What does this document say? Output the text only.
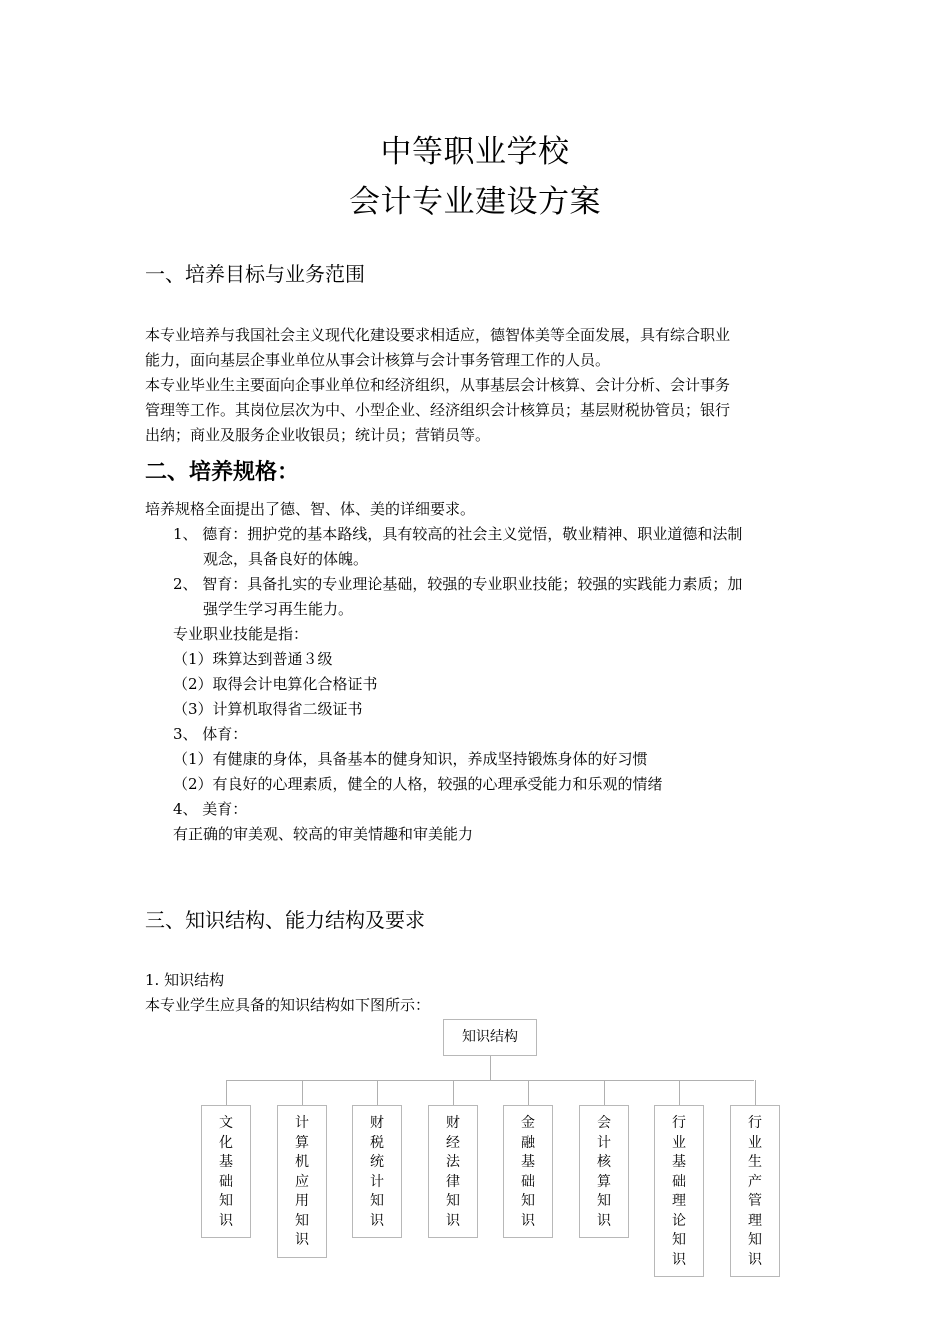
中等职业学校
会计专业建设方案
一、培养目标与业务范围
本专业培养与我国社会主义现代化建设要求相适应，德智体美等全面发展，具有综合职业
能力，面向基层企事业单位从事会计核算与会计事务管理工作的人员。
本专业毕业生主要面向企事业单位和经济组织，从事基层会计核算、会计分析、会计事务
管理等工作。其岗位层次为中、小型企业、经济组织会计核算员；基层财税协管员；银行
出纳；商业及服务企业收银员；统计员；营销员等。
二、培养规格：
培养规格全面提出了德、智、体、美的详细要求。
1、 德育：拥护党的基本路线，具有较高的社会主义觉悟，敬业精神、职业道德和法制
观念，具备良好的体魄。
2、 智育：具备扎实的专业理论基础，较强的专业职业技能；较强的实践能力素质；加
强学生学习再生能力。
专业职业技能是指：
（1）珠算达到普通３级
（2）取得会计电算化合格证书
（3）计算机取得省二级证书
3、 体育：
（1）有健康的身体，具备基本的健身知识，养成坚持锻炼身体的好习惯
（2）有良好的心理素质，健全的人格，较强的心理承受能力和乐观的情绪
4、 美育：
有正确的审美观、较高的审美情趣和审美能力
三、知识结构、能力结构及要求
1. 知识结构
本专业学生应具备的知识结构如下图所示：
知识结构
文
化
基
础
知
识
计
算
机
应
用
知
识
财
税
统
计
知
识
财
经
法
律
知
识
金
融
基
础
知
识
会
计
核
算
知
识
行
业
基
础
理
论
知
识
行
业
生
产
管
理
知
识
